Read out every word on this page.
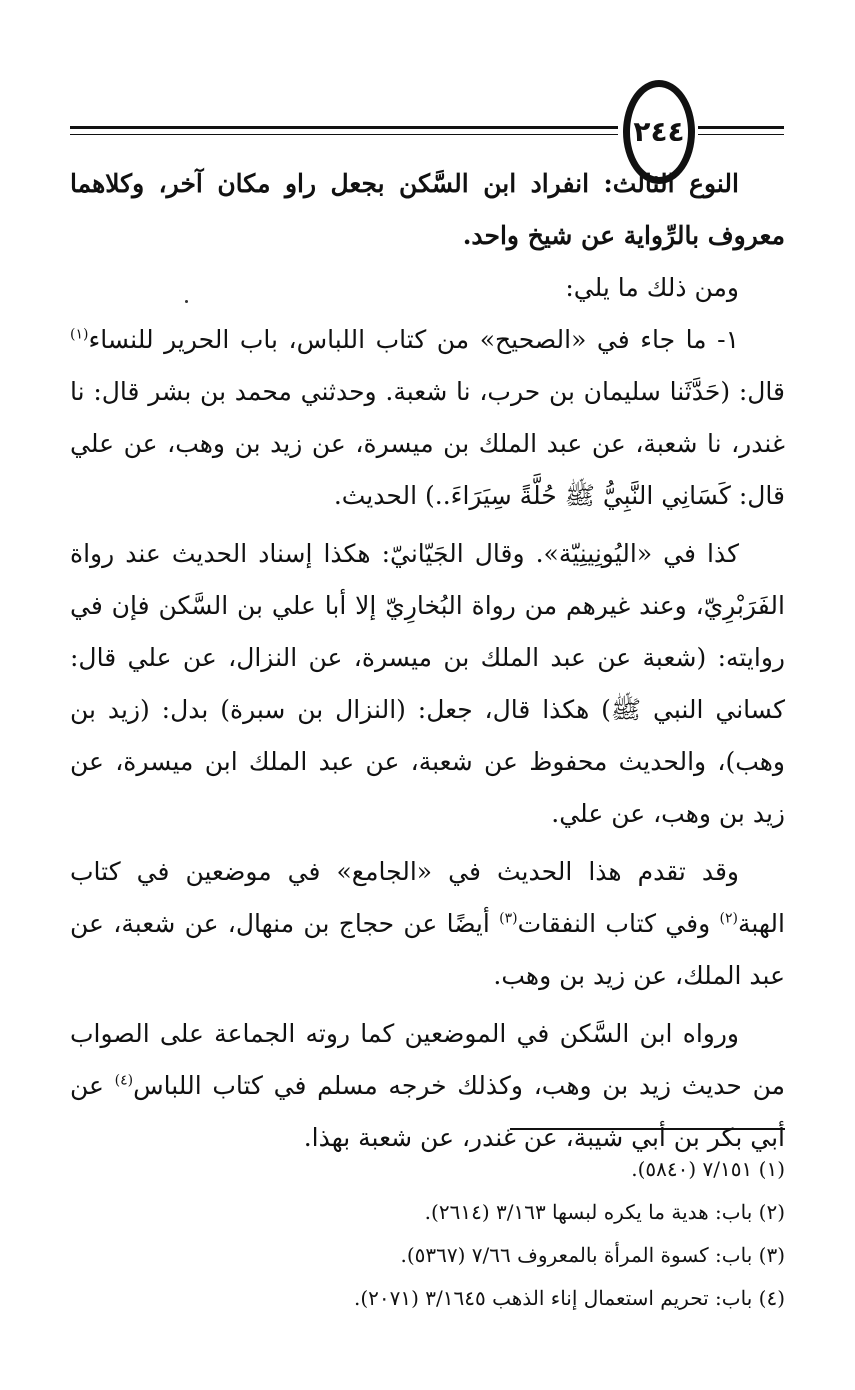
٢٤٤

النوع الثالث: انفراد ابن السَّكن بجعل راو مكان آخر، وكلاهما معروف بالرِّواية عن شيخ واحد.

ومن ذلك ما يلي:

١- ما جاء في «الصحيح» من كتاب اللباس، باب الحرير للنساء$^{(١)}$ قال: (حَدَّثَنا سليمان بن حرب، نا شعبة. وحدثني محمد بن بشر قال: نا غندر، نا شعبة، عن عبد الملك بن ميسرة، عن زيد بن وهب، عن علي قال: كَسَانِي النَّبِيُّ ﷺ حُلَّةً سِيَرَاءَ..) الحديث.

كذا في «اليُونِينِيّة». وقال الجَيّانيّ: هكذا إسناد الحديث عند رواة الفَرَبْرِيّ، وعند غيرهم من رواة البُخارِيّ إلا أبا علي بن السَّكن فإن في روايته: (شعبة عن عبد الملك بن ميسرة، عن النزال، عن علي قال: كساني النبي ﷺ) هكذا قال، جعل: (النزال بن سبرة) بدل: (زيد بن وهب)، والحديث محفوظ عن شعبة، عن عبد الملك ابن ميسرة، عن زيد بن وهب، عن علي.

وقد تقدم هذا الحديث في «الجامع» في موضعين في كتاب الهبة$^{(٢)}$ وفي كتاب النفقات$^{(٣)}$ أيضًا عن حجاج بن منهال، عن شعبة، عن عبد الملك، عن زيد بن وهب.

ورواه ابن السَّكن في الموضعين كما روته الجماعة على الصواب من حديث زيد بن وهب، وكذلك خرجه مسلم في كتاب اللباس$^{(٤)}$ عن أبي بكر بن أبي شيبة، عن غندر، عن شعبة بهذا.

(١) ٧/١٥١ (٥٨٤٠).
(٢) باب: هدية ما يكره لبسها ٣/١٦٣ (٢٦١٤).
(٣) باب: كسوة المرأة بالمعروف ٧/٦٦ (٥٣٦٧).
(٤) باب: تحريم استعمال إناء الذهب ٣/١٦٤٥ (٢٠٧١).
